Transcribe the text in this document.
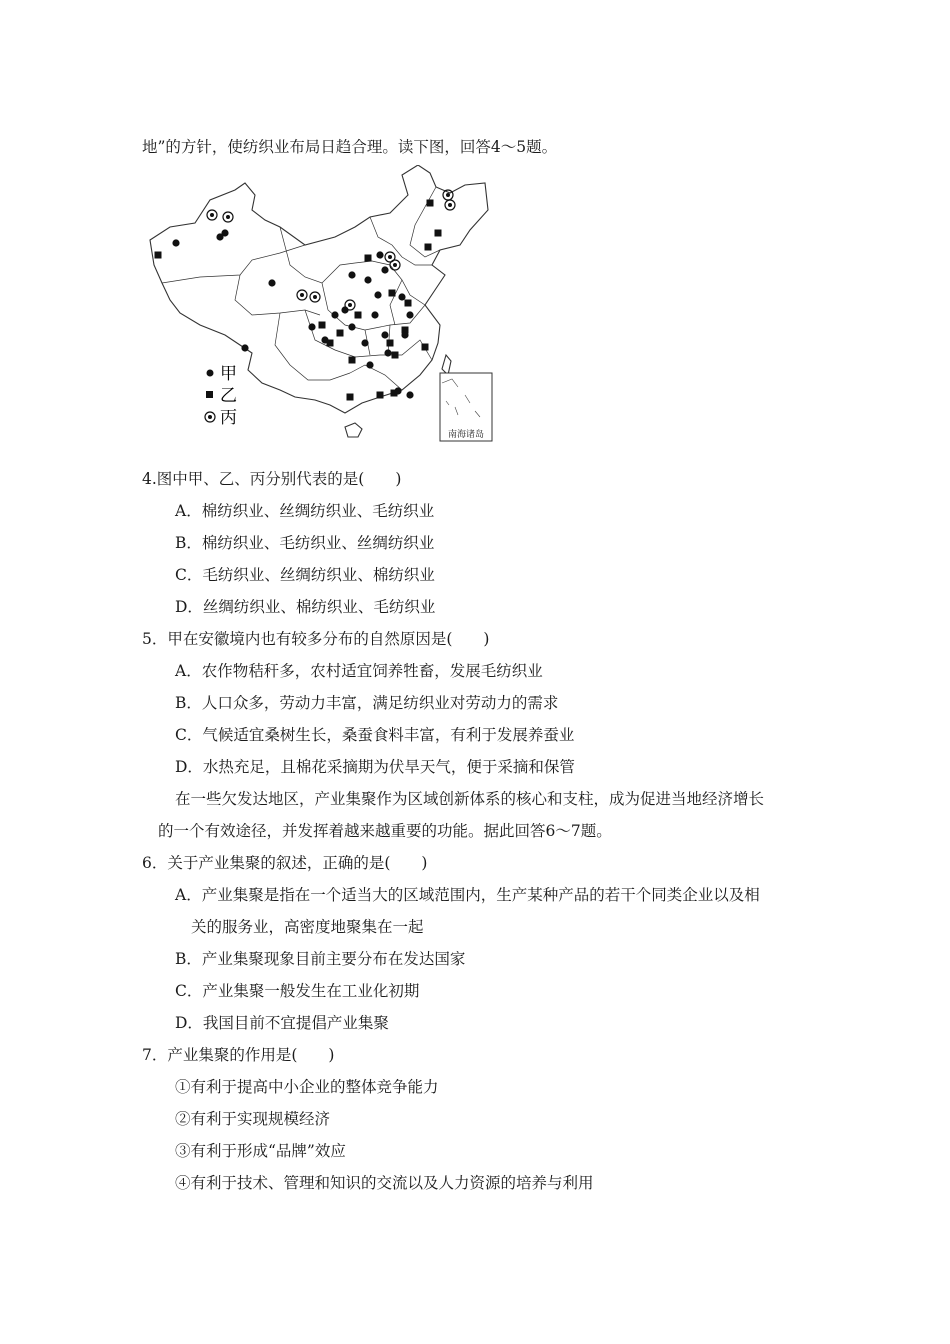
地”的方针，使纺织业布局日趋合理。读下图，回答4～5题。
南海诸岛
甲
乙
丙
4.图中甲、乙、丙分别代表的是(　　)
A．棉纺织业、丝绸纺织业、毛纺织业
B．棉纺织业、毛纺织业、丝绸纺织业
C．毛纺织业、丝绸纺织业、棉纺织业
D．丝绸纺织业、棉纺织业、毛纺织业
5．甲在安徽境内也有较多分布的自然原因是(　　)
A．农作物秸秆多，农村适宜饲养牲畜，发展毛纺织业
B．人口众多，劳动力丰富，满足纺织业对劳动力的需求
C．气候适宜桑树生长，桑蚕食料丰富，有利于发展养蚕业
D．水热充足，且棉花采摘期为伏旱天气，便于采摘和保管
在一些欠发达地区，产业集聚作为区域创新体系的核心和支柱，成为促进当地经济增长
的一个有效途径，并发挥着越来越重要的功能。据此回答6～7题。
6．关于产业集聚的叙述，正确的是(　　)
A．产业集聚是指在一个适当大的区域范围内，生产某种产品的若干个同类企业以及相
关的服务业，高密度地聚集在一起
B．产业集聚现象目前主要分布在发达国家
C．产业集聚一般发生在工业化初期
D．我国目前不宜提倡产业集聚
7．产业集聚的作用是(　　)
①有利于提高中小企业的整体竞争能力
②有利于实现规模经济
③有利于形成“品牌”效应
④有利于技术、管理和知识的交流以及人力资源的培养与利用
